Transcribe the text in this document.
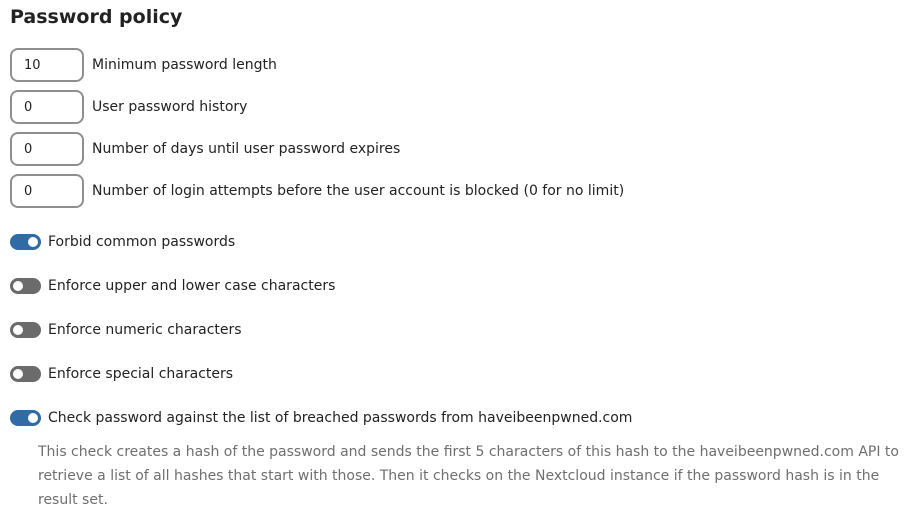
Password policy
10
Minimum password length
0
User password history
0
Number of days until user password expires
0
Number of login attempts before the user account is blocked (0 for no limit)
Forbid common passwords
Enforce upper and lower case characters
Enforce numeric characters
Enforce special characters
Check password against the list of breached passwords from haveibeenpwned.com

This check creates a hash of the password and sends the first 5 characters of this hash to the haveibeenpwned.com API to retrieve a list of all hashes that start with those. Then it checks on the Nextcloud instance if the password hash is in the result set.
